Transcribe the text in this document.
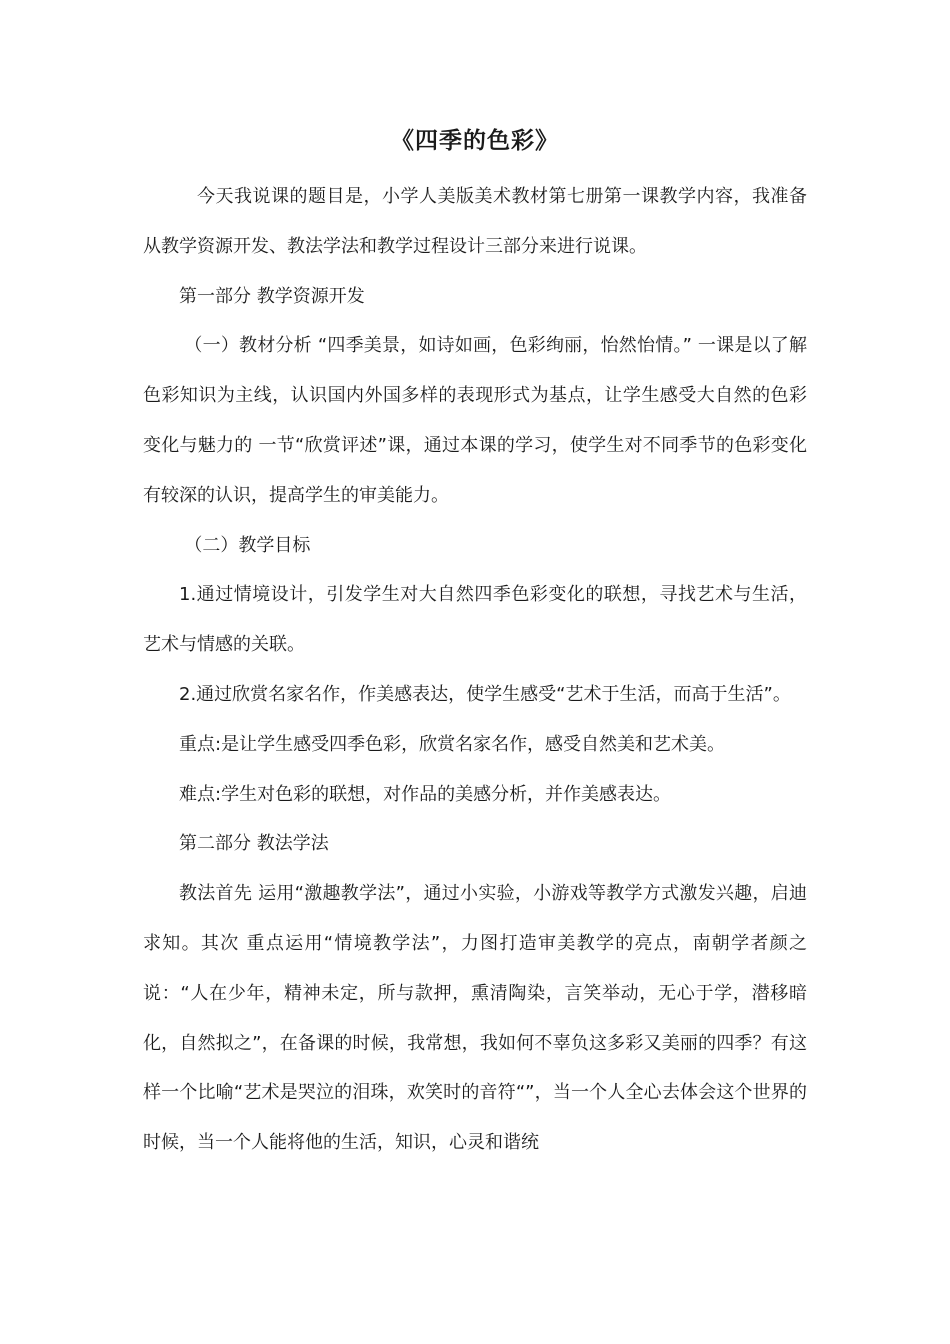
《四季的色彩》

今天我说课的题目是，小学人美版美术教材第七册第一课教学内容，我准备从教学资源开发、教法学法和教学过程设计三部分来进行说课。

第一部分 教学资源开发

（一）教材分析 “四季美景，如诗如画，色彩绚丽，怡然怡情。” 一课是以了解色彩知识为主线，认识国内外国多样的表现形式为基点，让学生感受大自然的色彩变化与魅力的 一节“欣赏评述”课，通过本课的学习，使学生对不同季节的色彩变化有较深的认识，提高学生的审美能力。

（二）教学目标

1.通过情境设计，引发学生对大自然四季色彩变化的联想，寻找艺术与生活， 艺术与情感的关联。

2.通过欣赏名家名作，作美感表达，使学生感受“艺术于生活，而高于生活”。

重点:是让学生感受四季色彩，欣赏名家名作，感受自然美和艺术美。

难点:学生对色彩的联想，对作品的美感分析，并作美感表达。

第二部分 教法学法

教法首先 运用“激趣教学法”，通过小实验，小游戏等教学方式激发兴趣，启迪求知。其次 重点运用“情境教学法”，力图打造审美教学的亮点，南朝学者颜之说：“人在少年，精神未定，所与款押，熏清陶染，言笑举动，无心于学，潜移暗化，自然拟之”，在备课的时候，我常想，我如何不辜负这多彩又美丽的四季？有这样一个比喻“艺术是哭泣的泪珠，欢笑时的音符“”，当一个人全心去体会这个世界的时候，当一个人能将他的生活，知识，心灵和谐统
